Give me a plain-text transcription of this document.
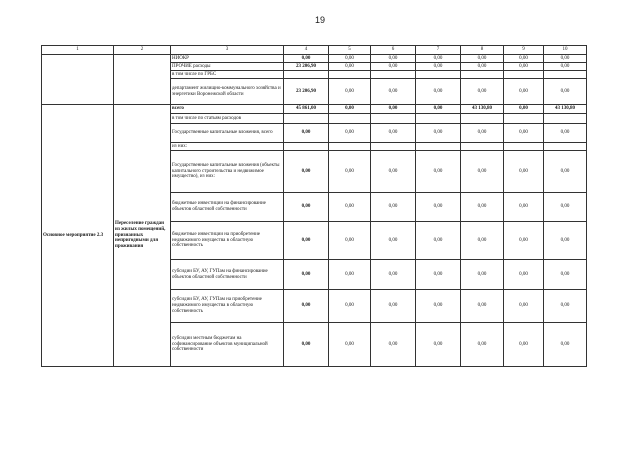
19
1	2	3	4	5	6	7	8	9	10
		НИОКР	0,00	0,00	0,00	0,00	0,00	0,00	0,00
		ПРОЧИЕ расходы	23 206,90	0,00	0,00	0,00	0,00	0,00	0,00
		в том числе по ГРБС							
		департамент жилищно-коммунального хозяйства и энергетики Воронежской области	23 206,90	0,00	0,00	0,00	0,00	0,00	0,00
Основное мероприятие 2.3	Переселение граждан из жилых помещений, признанных непригодными для проживания	всего	45 861,00	0,00	0,00	0,00	43 130,80	0,00	43 130,80
		в том числе по статьям расходов							
		Государственные капитальные вложения, всего	0,00	0,00	0,00	0,00	0,00	0,00	0,00
		из них:							
		Государственные капитальные вложения (объекты капитального строительства и недвижимое имущество), из них:	0,00	0,00	0,00	0,00	0,00	0,00	0,00
		бюджетные инвестиции на финансирование объектов областной собственности	0,00	0,00	0,00	0,00	0,00	0,00	0,00
		бюджетные инвестиции на приобретение недвижимого имущества в областную собственность	0,00	0,00	0,00	0,00	0,00	0,00	0,00
		субсидии БУ, АУ, ГУПам на финансирование объектов областной собственности	0,00	0,00	0,00	0,00	0,00	0,00	0,00
		субсидии БУ, АУ, ГУПам на приобретение недвижимого имущества в областную собственность	0,00	0,00	0,00	0,00	0,00	0,00	0,00
		субсидии местным бюджетам на софинансирование объектов муниципальной собственности	0,00	0,00	0,00	0,00	0,00	0,00	0,00
